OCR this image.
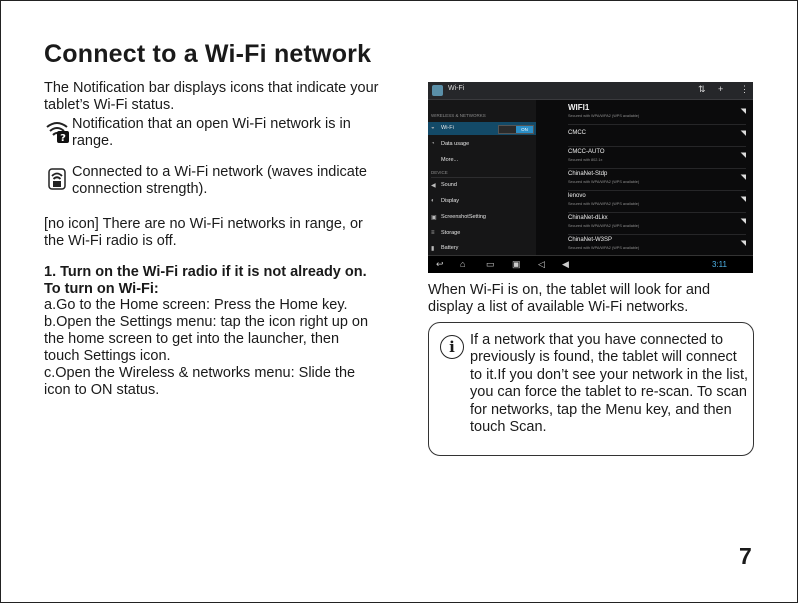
Connect to a Wi-Fi network
The Notification bar displays icons that indicate your tablet’s Wi-Fi status.
?
Notification that an open Wi-Fi network is in range.
Connected to a Wi-Fi network (waves indicate connection strength).
[no icon] There are no Wi-Fi networks in range, or the Wi-Fi radio is off.
1. Turn on the Wi-Fi radio if it is not already on. To turn on Wi-Fi:
a.Go to the Home screen: Press the Home key.
b.Open the Settings menu: tap the icon right up on the home screen to get into the launcher, then touch Settings icon.
c.Open the Wireless & networks menu: Slide the icon to ON status.
Wi-Fi	⇅ + ⋮
WIRELESS & NETWORKS
◒ Wi-Fi	ON
◔ Data usage
More...
DEVICE
◀ Sound
◐ Display
▣ ScreenshotSetting
≡ Storage
▮ Battery
WIFI1
Secured with WPA/WPA2 (WPS available)
◥
CMCC	◥
CMCC-AUTO
Secured with 802.1x
◥
ChinaNet-Stdp
Secured with WPA/WPA2 (WPS available)
◥
lenovo
Secured with WPA/WPA2 (WPS available)
◥
ChinaNet-dLkx
Secured with WPA/WPA2 (WPS available)
◥
ChinaNet-W3SP
Secured with WPA/WPA2 (WPS available)
◥
↩ ⌂ ▭ ▣ ◁ ◀	3:11
When Wi-Fi is on, the tablet will look for and display a list of available Wi-Fi networks.
i	If a network that you have connected to previously is found, the tablet will connect to it.If you don’t see your network in the list, you can force the tablet to re-scan. To scan for networks, tap the Menu key, and then touch Scan.
7
